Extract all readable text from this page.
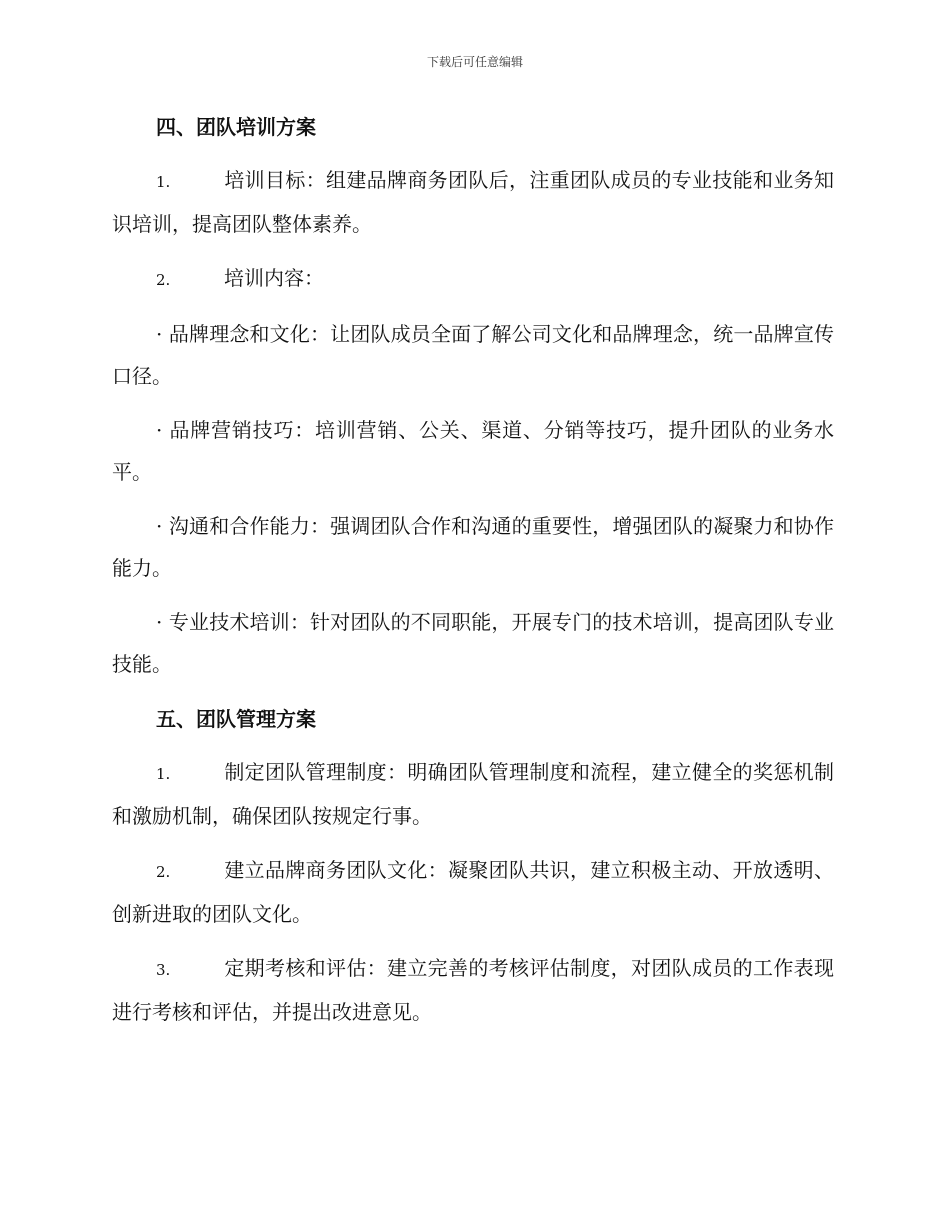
下载后可任意编辑
四、团队培训方案

1.	培训目标：组建品牌商务团队后，注重团队成员的专业技能和业务知识培训，提高团队整体素养。

2.	培训内容：

· 品牌理念和文化：让团队成员全面了解公司文化和品牌理念，统一品牌宣传口径。

· 品牌营销技巧：培训营销、公关、渠道、分销等技巧，提升团队的业务水平。

· 沟通和合作能力：强调团队合作和沟通的重要性，增强团队的凝聚力和协作能力。

· 专业技术培训：针对团队的不同职能，开展专门的技术培训，提高团队专业技能。

五、团队管理方案

1.	制定团队管理制度：明确团队管理制度和流程，建立健全的奖惩机制和激励机制，确保团队按规定行事。

2.	建立品牌商务团队文化：凝聚团队共识，建立积极主动、开放透明、创新进取的团队文化。

3.	定期考核和评估：建立完善的考核评估制度，对团队成员的工作表现进行考核和评估，并提出改进意见。
